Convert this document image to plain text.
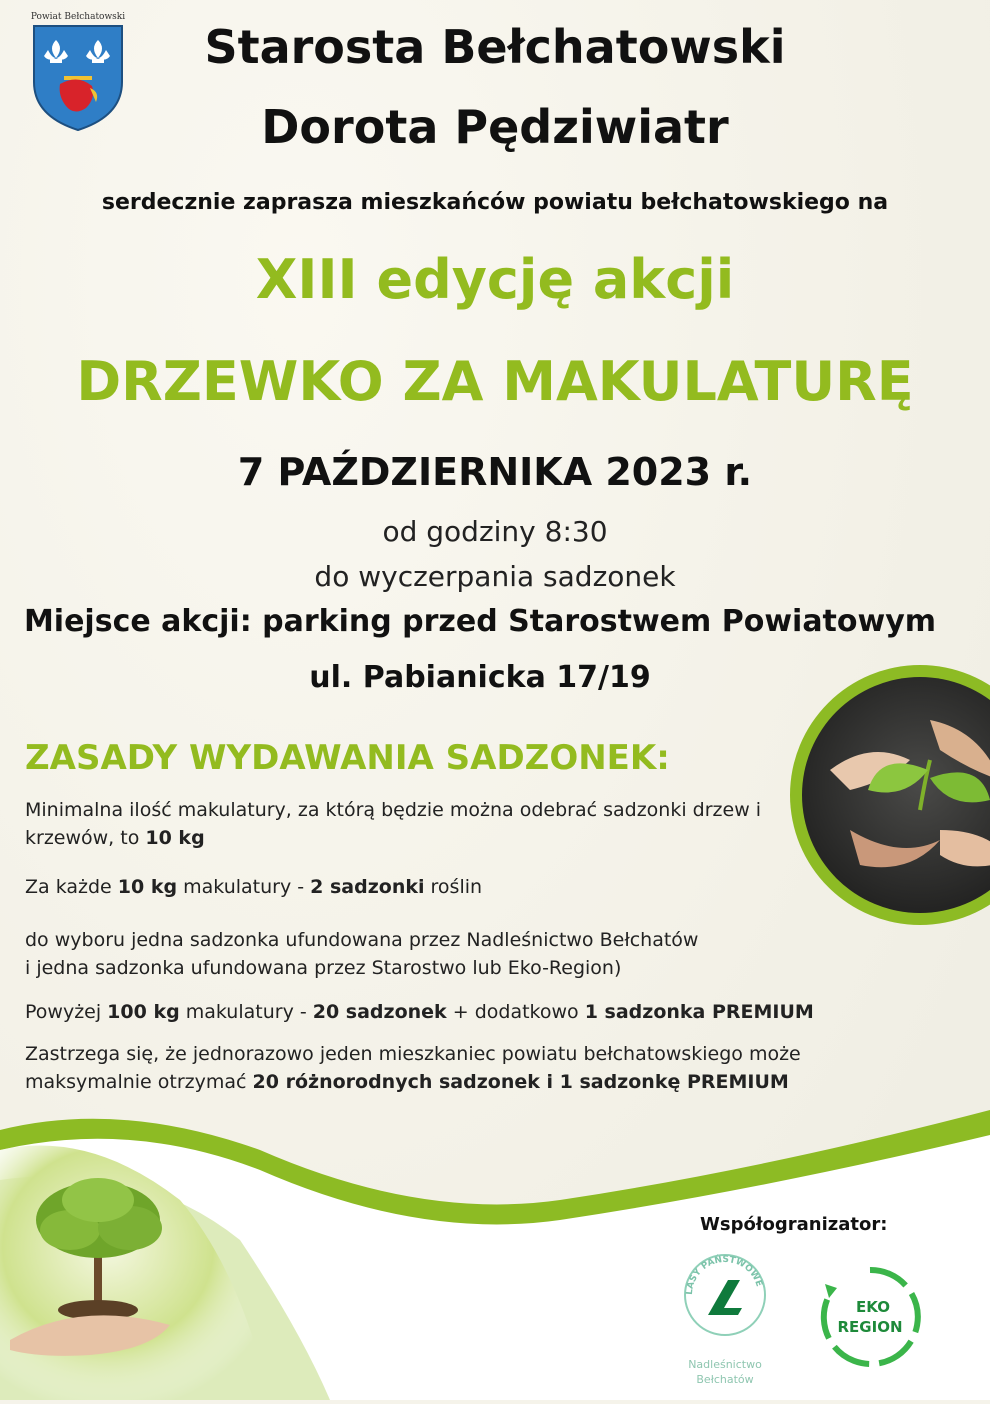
Powiat Bełchatowski
Starosta Bełchatowski
Dorota Pędziwiatr
serdecznie zaprasza mieszkańców powiatu bełchatowskiego na
XIII edycję akcji
DRZEWKO ZA MAKULATURĘ
7 PAŹDZIERNIKA 2023 r.
od godziny 8:30
do wyczerpania sadzonek
Miejsce akcji: parking przed Starostwem Powiatowym
ul. Pabianicka 17/19
ZASADY WYDAWANIA SADZONEK:
Minimalna ilość makulatury, za którą będzie można odebrać sadzonki drzew i krzewów, to 10 kg
Za każde 10 kg makulatury - 2 sadzonki roślin
do wyboru jedna sadzonka ufundowana przez Nadleśnictwo Bełchatów
i jedna sadzonka ufundowana przez Starostwo lub Eko-Region)
Powyżej 100 kg makulatury - 20 sadzonek + dodatkowo 1 sadzonka PREMIUM
Zastrzega się, że jednorazowo jeden mieszkaniec powiatu bełchatowskiego może maksymalnie otrzymać 20 różnorodnych sadzonek i 1 sadzonkę PREMIUM
Współogranizator:
LASY PAŃSTWOWE
Nadleśnictwo
Bełchatów
EKO
REGION
